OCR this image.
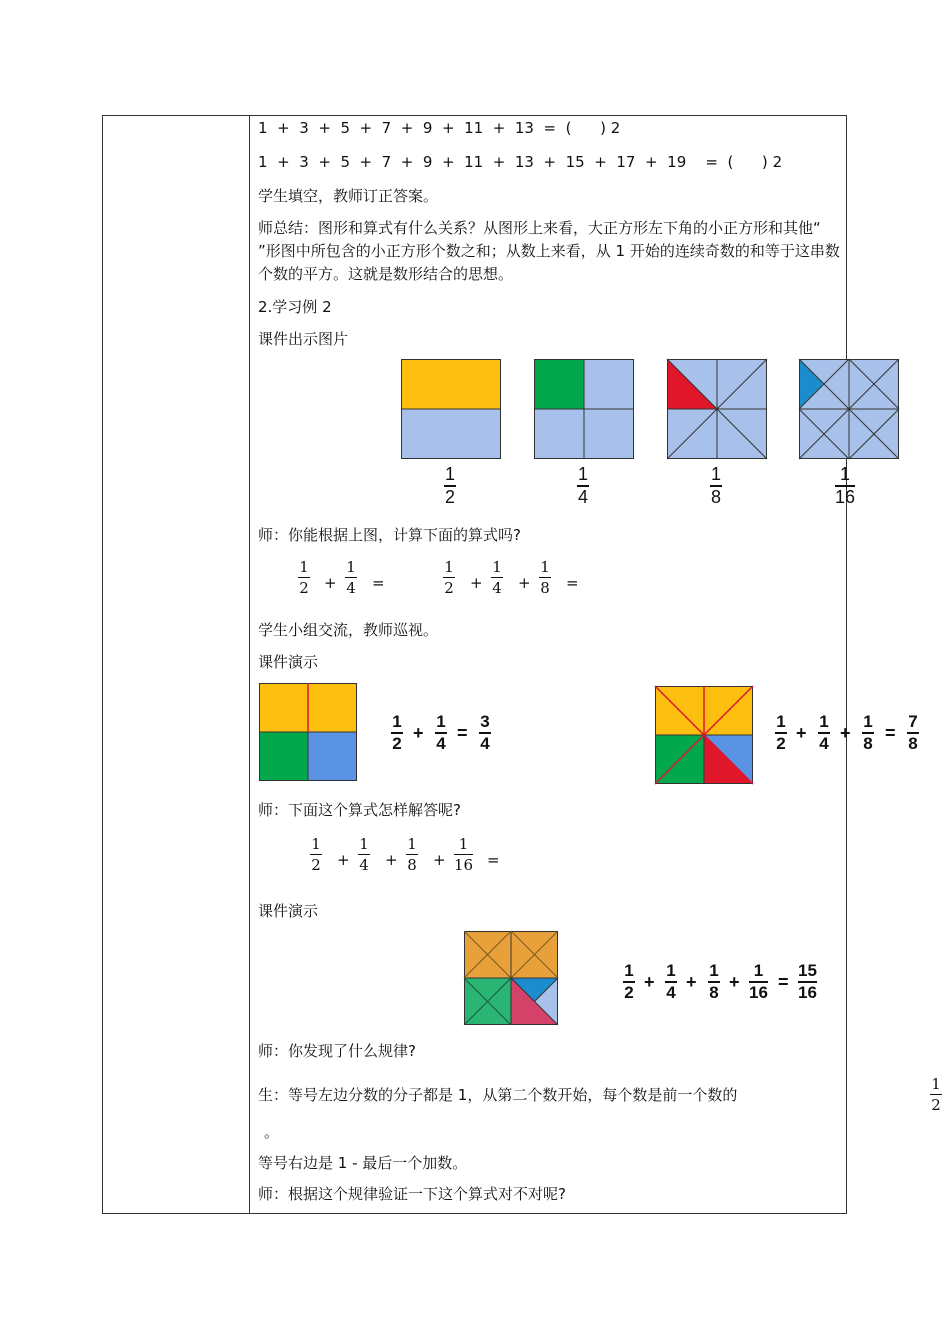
1 + 3 + 5 + 7 + 9 + 11 + 13 = ( ) 2
1 + 3 + 5 + 7 + 9 + 11 + 13 + 15 + 17 + 19 = ( ) 2
学生填空，教师订正答案。
师总结：图形和算式有什么关系？从图形上来看，大正方形左下角的小正方形和其他“ ”形图中所包含的小正方形个数之和；从数上来看，从 1 开始的连续奇数的和等于这串数个数的平方。这就是数形结合的思想。
2.学习例 2
课件出示图片
1
2
1
4
1
8
1
16
师：你能根据上图，计算下面的算式吗?
1
2 +
1
4 =
1
2 +
1
4 +
1
8 =
学生小组交流，教师巡视。
课件演示
1
2
+
1
4
=
3
4
1
2
+
1
4
+
1
8
=
7
8
师：下面这个算式怎样解答呢?
1
2 +
1
4 +
1
8 +
1
16 =
课件演示
1
2
+
1
4
+
1
8
+
1
16
=
15
16
师：你发现了什么规律?
生：等号左边分数的分子都是 1，从第二个数开始，每个数是前一个数的
1
2
。
等号右边是 1 - 最后一个加数。
师：根据这个规律验证一下这个算式对不对呢?
